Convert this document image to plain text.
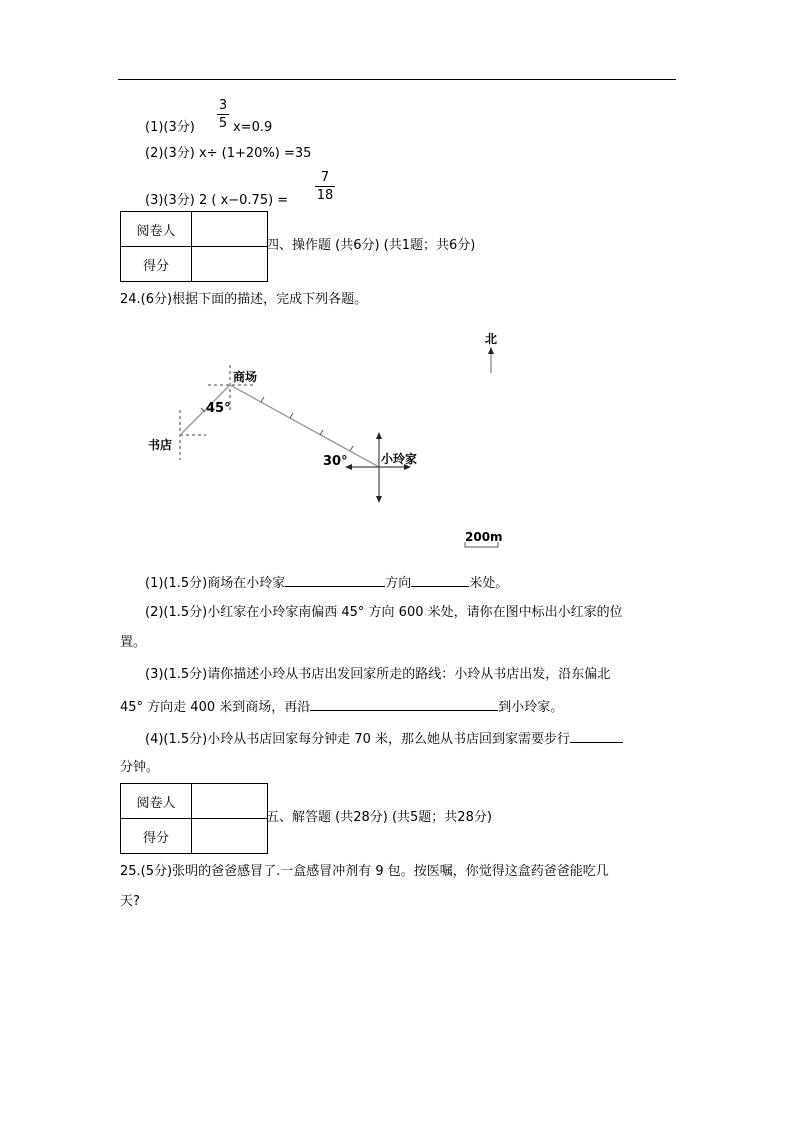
(1)(3分)
3
5 x=0.9
(2)(3分) x÷ (1+20%) =35
(3)(3分) 2 ( x−0.75) =
7
18
阅卷人	
得分	
四、操作题 (共6分) (共1题；共6分)
24.(6分)根据下面的描述，完成下列各题。
北
商场
书店
小玲家
45°
30°
200m
(1)(1.5分)商场在小玲家	方向	米处。
(2)(1.5分)小红家在小玲家南偏西 45° 方向 600 米处，请你在图中标出小红家的位
置。
(3)(1.5分)请你描述小玲从书店出发回家所走的路线：小玲从书店出发，沿东偏北
45° 方向走 400 米到商场，再沿	到小玲家。
(4)(1.5分)小玲从书店回家每分钟走 70 米，那么她从书店回到家需要步行
分钟。
阅卷人	
得分	
五、解答题 (共28分) (共5题；共28分)
25.(5分)张明的爸爸感冒了.一盒感冒冲剂有 9 包。按医嘱，你觉得这盒药爸爸能吃几
天?
